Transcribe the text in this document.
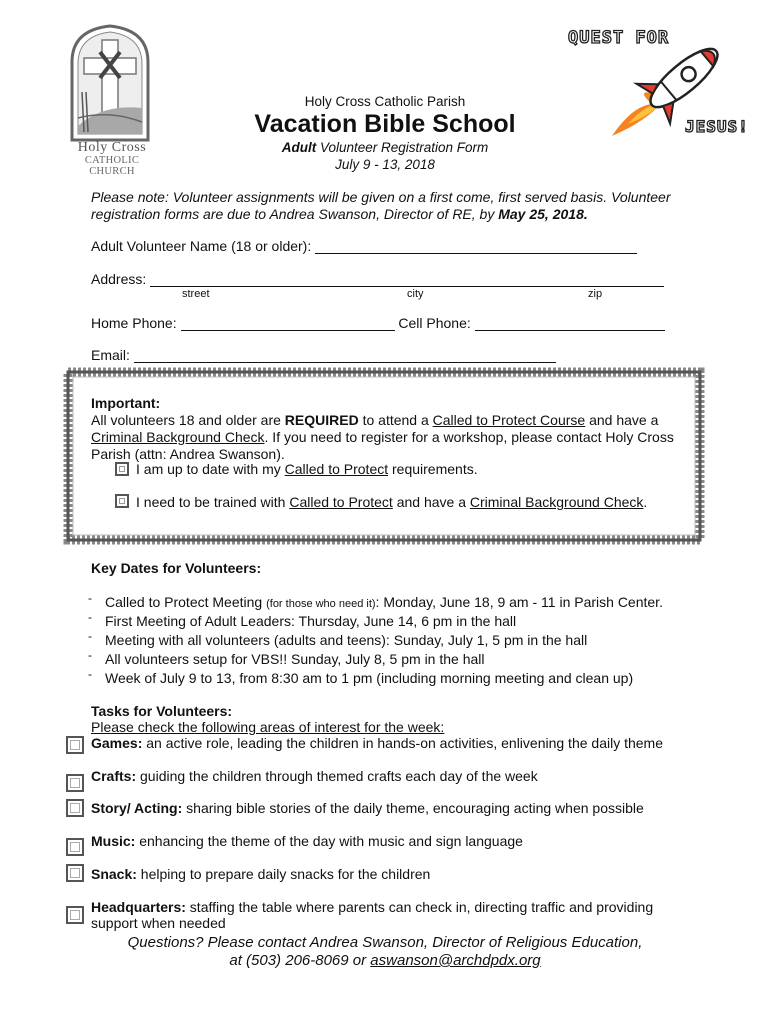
Holy Cross
CATHOLIC CHURCH
QUEST FOR
JESUS!
Holy Cross Catholic Parish
Vacation Bible School
Adult Volunteer Registration Form
July 9 - 13, 2018
Please note: Volunteer assignments will be given on a first come, first served basis. Volunteer registration forms are due to Andrea Swanson, Director of RE, by May 25, 2018.
Adult Volunteer Name (18 or older):
Address:
street	city	zip
Home Phone:	Cell Phone:
Email:
Important:
All volunteers 18 and older are REQUIRED to attend a Called to Protect Course and have a Criminal Background Check. If you need to register for a workshop, please contact Holy Cross Parish (attn: Andrea Swanson).
I am up to date with my Called to Protect requirements.
I need to be trained with Called to Protect and have a Criminal Background Check.
Key Dates for Volunteers:
- Called to Protect Meeting (for those who need it): Monday, June 18, 9 am - 11 in Parish Center.
- First Meeting of Adult Leaders: Thursday, June 14, 6 pm in the hall
- Meeting with all volunteers (adults and teens): Sunday, July 1, 5 pm in the hall
- All volunteers setup for VBS!! Sunday, July 8, 5 pm in the hall
- Week of July 9 to 13, from 8:30 am to 1 pm (including morning meeting and clean up)
Tasks for Volunteers:
Please check the following areas of interest for the week:
Games: an active role, leading the children in hands-on activities, enlivening the daily theme
Crafts: guiding the children through themed crafts each day of the week
Story/ Acting: sharing bible stories of the daily theme, encouraging acting when possible
Music: enhancing the theme of the day with music and sign language
Snack: helping to prepare daily snacks for the children
Headquarters: staffing the table where parents can check in, directing traffic and providing support when needed
Questions? Please contact Andrea Swanson, Director of Religious Education,
at (503) 206-8069 or aswanson@archdpdx.org
